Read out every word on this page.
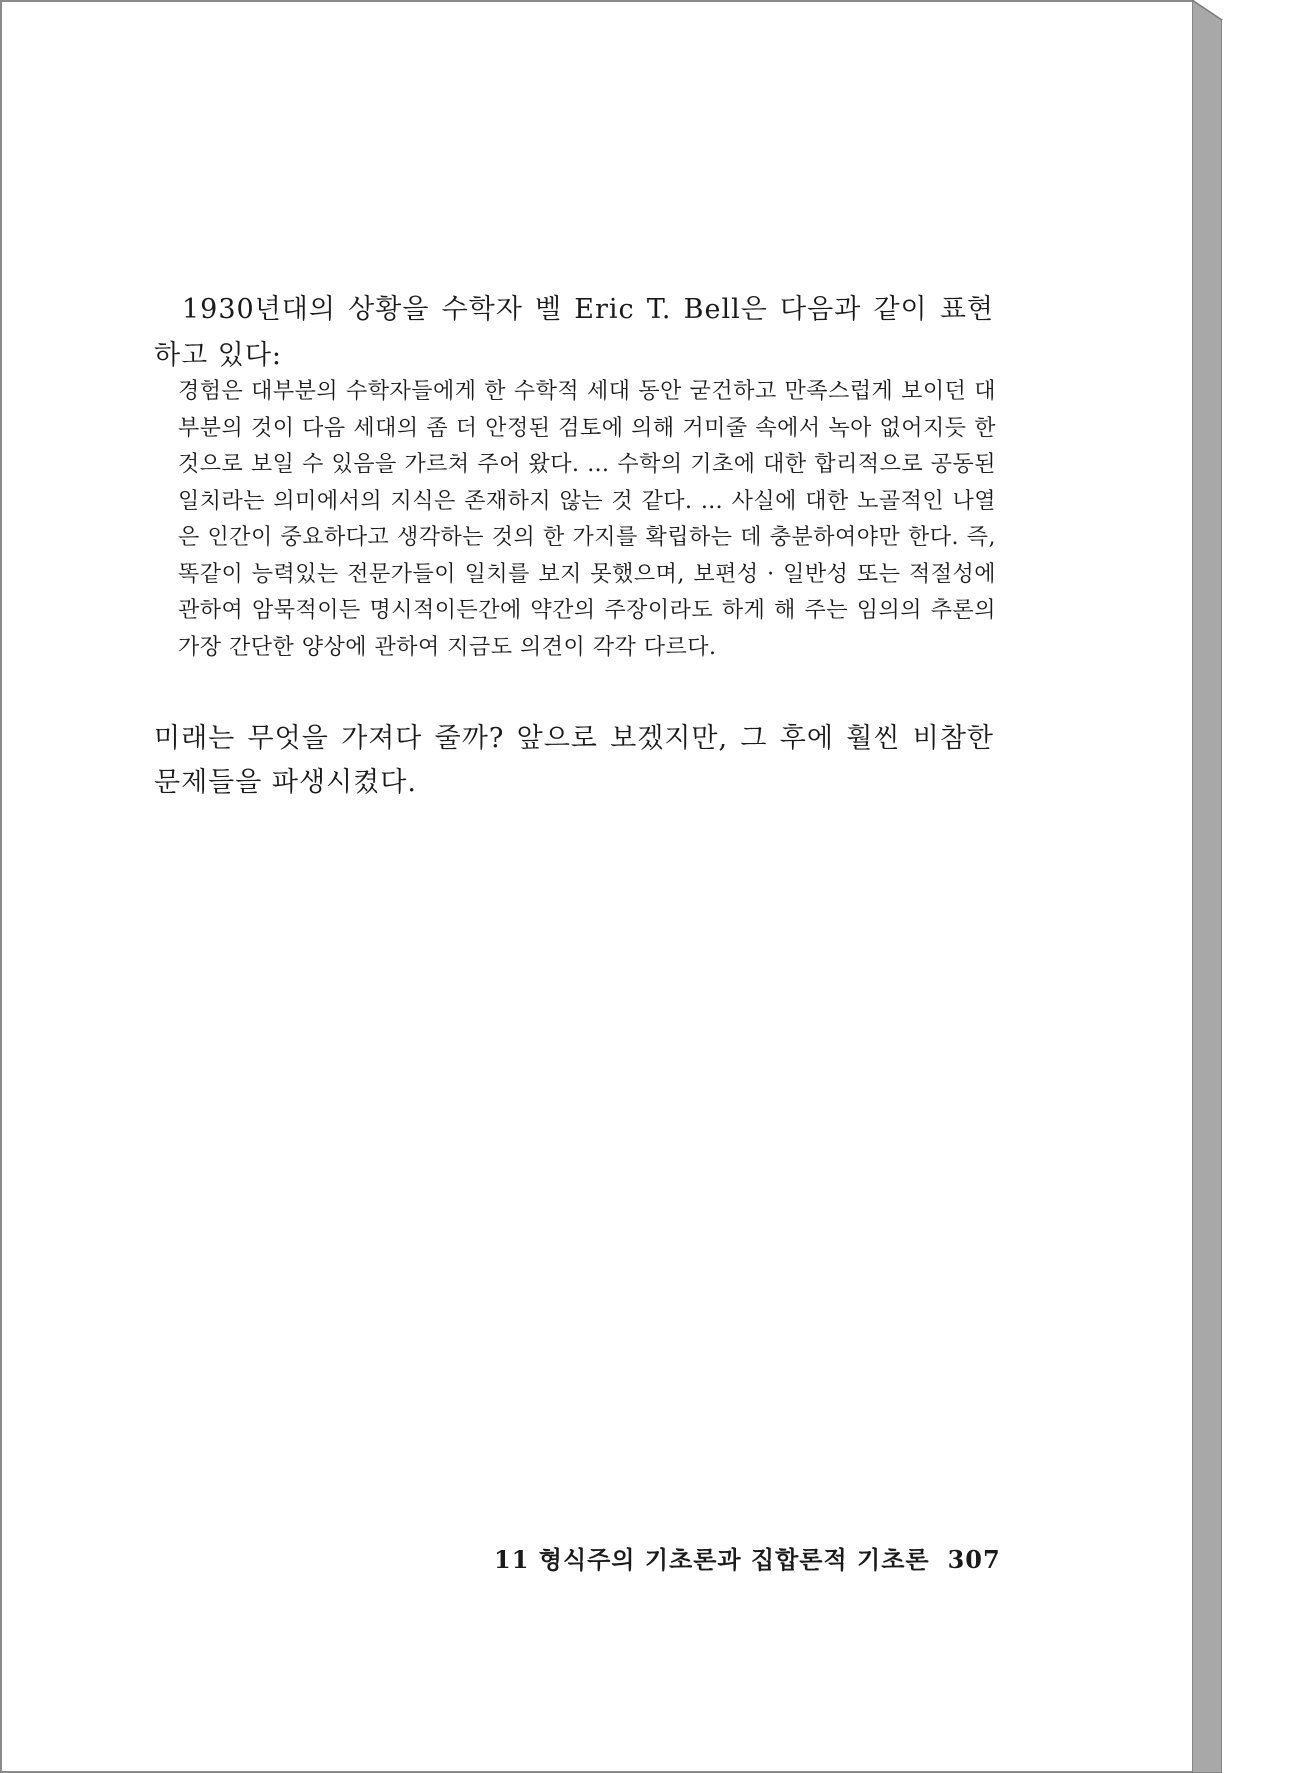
1930년대의 상황을 수학자 벨 Eric T. Bell은 다음과 같이 표현하고 있다:

경험은 대부분의 수학자들에게 한 수학적 세대 동안 굳건하고 만족스럽게 보이던 대부분의 것이 다음 세대의 좀 더 안정된 검토에 의해 거미줄 속에서 녹아 없어지듯 한 것으로 보일 수 있음을 가르쳐 주어 왔다. … 수학의 기초에 대한 합리적으로 공동된 일치라는 의미에서의 지식은 존재하지 않는 것 같다. … 사실에 대한 노골적인 나열은 인간이 중요하다고 생각하는 것의 한 가지를 확립하는 데 충분하여야만 한다. 즉, 똑같이 능력있는 전문가들이 일치를 보지 못했으며, 보편성 · 일반성 또는 적절성에 관하여 암묵적이든 명시적이든간에 약간의 주장이라도 하게 해 주는 임의의 추론의 가장 간단한 양상에 관하여 지금도 의견이 각각 다르다.

미래는 무엇을 가져다 줄까? 앞으로 보겠지만, 그 후에 훨씬 비참한 문제들을 파생시켰다.

11 형식주의 기초론과 집합론적 기초론 307
